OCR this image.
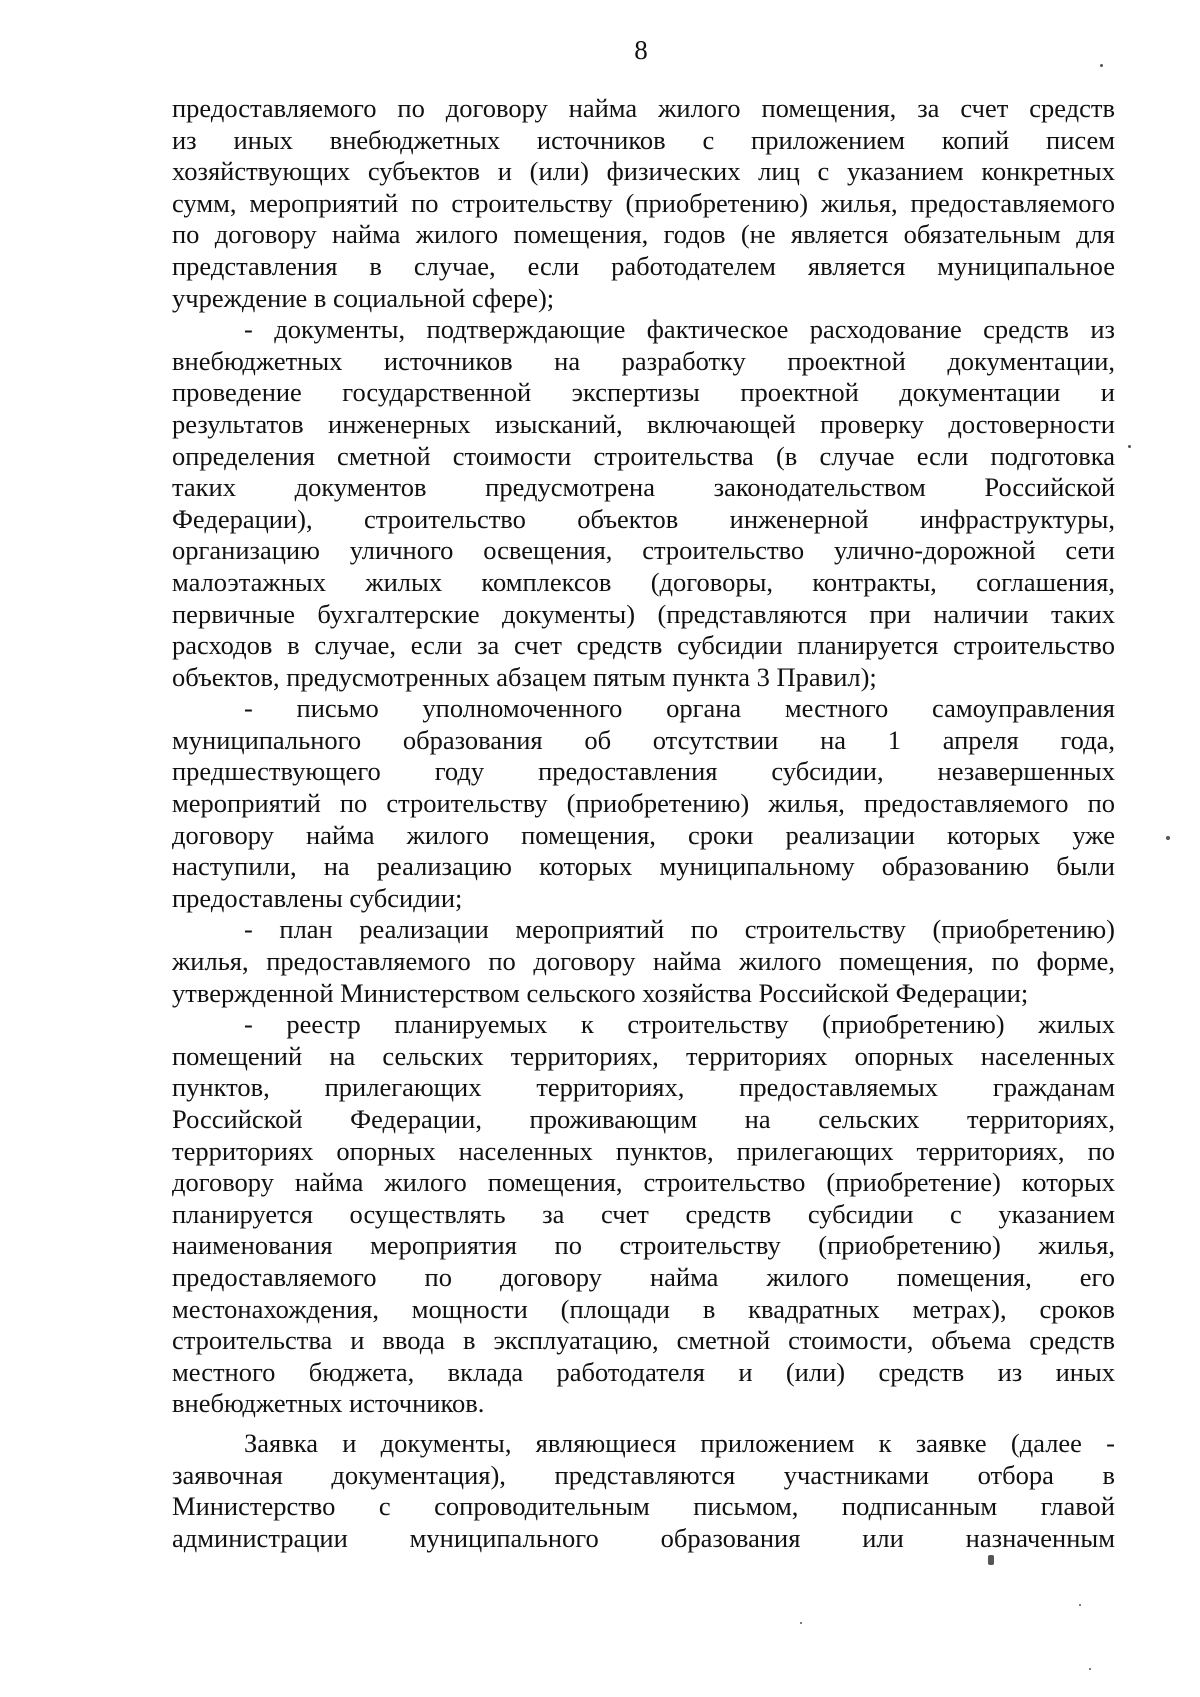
8
предоставляемого по договору найма жилого помещения, за счет средств
из иных внебюджетных источников с приложением копий писем
хозяйствующих субъектов и (или) физических лиц с указанием конкретных
сумм, мероприятий по строительству (приобретению) жилья, предоставляемого
по договору найма жилого помещения, годов (не является обязательным для
представления в случае, если работодателем является муниципальное
учреждение в социальной сфере);
- документы, подтверждающие фактическое расходование средств из
внебюджетных источников на разработку проектной документации,
проведение государственной экспертизы проектной документации и
результатов инженерных изысканий, включающей проверку достоверности
определения сметной стоимости строительства (в случае если подготовка
таких документов предусмотрена законодательством Российской
Федерации), строительство объектов инженерной инфраструктуры,
организацию уличного освещения, строительство улично-дорожной сети
малоэтажных жилых комплексов (договоры, контракты, соглашения,
первичные бухгалтерские документы) (представляются при наличии таких
расходов в случае, если за счет средств субсидии планируется строительство
объектов, предусмотренных абзацем пятым пункта 3 Правил);
- письмо уполномоченного органа местного самоуправления
муниципального образования об отсутствии на 1 апреля года,
предшествующего году предоставления субсидии, незавершенных
мероприятий по строительству (приобретению) жилья, предоставляемого по
договору найма жилого помещения, сроки реализации которых уже
наступили, на реализацию которых муниципальному образованию были
предоставлены субсидии;
- план реализации мероприятий по строительству (приобретению)
жилья, предоставляемого по договору найма жилого помещения, по форме,
утвержденной Министерством сельского хозяйства Российской Федерации;
- реестр планируемых к строительству (приобретению) жилых
помещений на сельских территориях, территориях опорных населенных
пунктов, прилегающих территориях, предоставляемых гражданам
Российской Федерации, проживающим на сельских территориях,
территориях опорных населенных пунктов, прилегающих территориях, по
договору найма жилого помещения, строительство (приобретение) которых
планируется осуществлять за счет средств субсидии с указанием
наименования мероприятия по строительству (приобретению) жилья,
предоставляемого по договору найма жилого помещения, его
местонахождения, мощности (площади в квадратных метрах), сроков
строительства и ввода в эксплуатацию, сметной стоимости, объема средств
местного бюджета, вклада работодателя и (или) средств из иных
внебюджетных источников.
Заявка и документы, являющиеся приложением к заявке (далее -
заявочная документация), представляются участниками отбора в
Министерство с сопроводительным письмом, подписанным главой
администрации муниципального образования или назначенным
